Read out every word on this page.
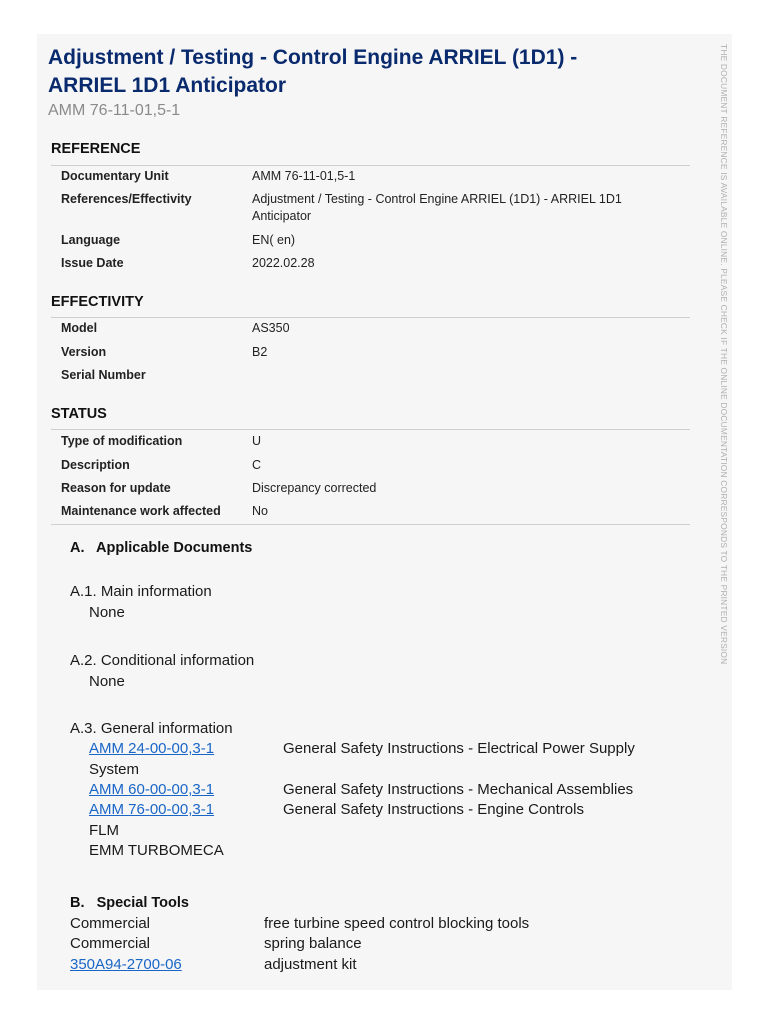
Adjustment / Testing - Control Engine ARRIEL (1D1) - ARRIEL 1D1 Anticipator
AMM 76-11-01,5-1	THE DOCUMENT REFERENCE IS AVAILABLE ONLINE. PLEASE CHECK IF THE ONLINE DOCUMENTATION CORRESPONDS TO THE PRINTED VERSION
REFERENCE
Documentary Unit	AMM 76-11-01,5-1
References/Effectivity	Adjustment / Testing - Control Engine ARRIEL (1D1) - ARRIEL 1D1 Anticipator
Language	EN( en)
Issue Date	2022.02.28
EFFECTIVITY
Model	AS350
Version	B2
Serial Number
STATUS
Type of modification	U
Description	C
Reason for update	Discrepancy corrected
Maintenance work affected No
A.   Applicable Documents
A.1. Main information
None
A.2. Conditional information
None
A.3. General information
AMM 24-00-00,3-1	General Safety Instructions - Electrical Power Supply
System
AMM 60-00-00,3-1	General Safety Instructions - Mechanical Assemblies
AMM 76-00-00,3-1	General Safety Instructions - Engine Controls
FLM
EMM TURBOMECA
B.   Special Tools
Commercial	free turbine speed control blocking tools
Commercial	spring balance
350A94-2700-06	adjustment kit
